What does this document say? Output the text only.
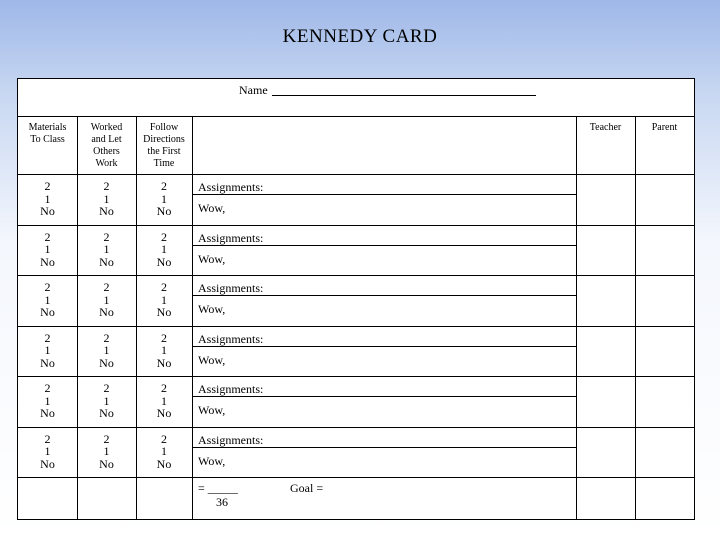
KENNEDY CARD
Name
Materials
To Class
Worked
and Let
Others
Work
Follow
Directions
the First
Time
Teacher	Parent
2
1
No
2
1
No
2
1
No
Assignments:
Wow,
2
1
No
2
1
No
2
1
No
Assignments:
Wow,
2
1
No
2
1
No
2
1
No
Assignments:
Wow,
2
1
No
2
1
No
2
1
No
Assignments:
Wow,
2
1
No
2
1
No
2
1
No
Assignments:
Wow,
2
1
No
2
1
No
2
1
No
Assignments:
Wow,
= _____
36
Goal =
